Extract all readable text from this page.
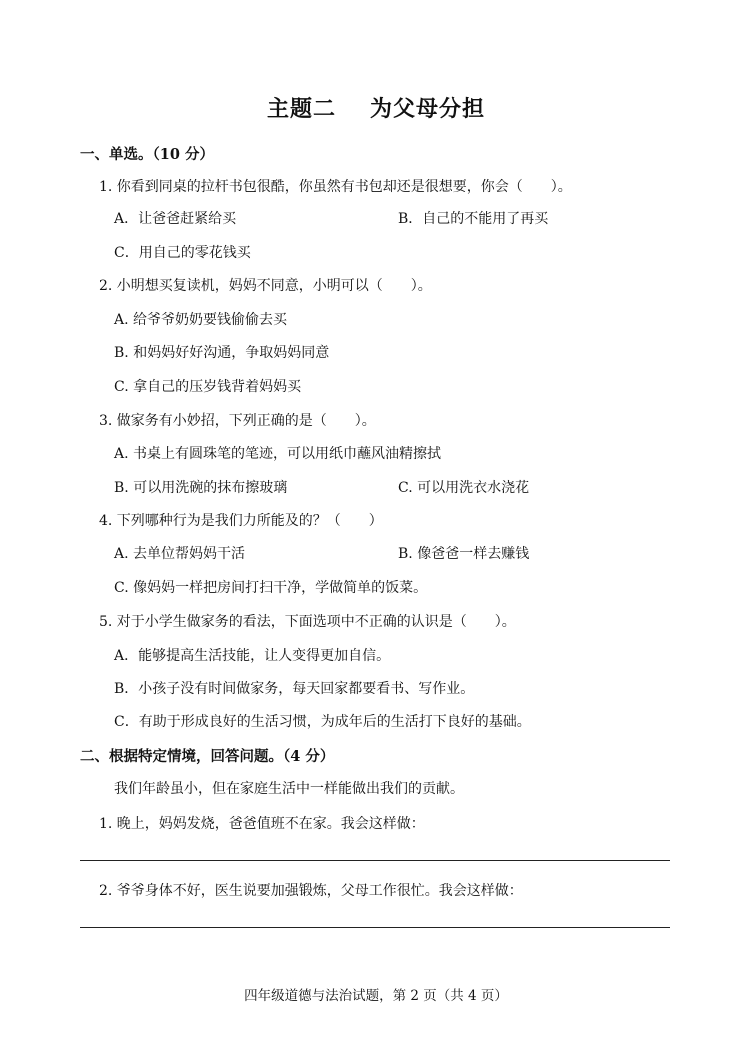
主题二 为父母分担
一、单选。（10 分）
1. 你看到同桌的拉杆书包很酷，你虽然有书包却还是很想要，你会（　　）。
A．让爸爸赶紧给买	B．自己的不能用了再买
C．用自己的零花钱买
2. 小明想买复读机，妈妈不同意，小明可以（　　）。
A. 给爷爷奶奶要钱偷偷去买
B. 和妈妈好好沟通，争取妈妈同意
C. 拿自己的压岁钱背着妈妈买
3. 做家务有小妙招，下列正确的是（　　）。
A. 书桌上有圆珠笔的笔迹，可以用纸巾蘸风油精擦拭
B. 可以用洗碗的抹布擦玻璃	C. 可以用洗衣水浇花
4. 下列哪种行为是我们力所能及的？（　　）
A. 去单位帮妈妈干活	B. 像爸爸一样去赚钱
C. 像妈妈一样把房间打扫干净，学做简单的饭菜。
5. 对于小学生做家务的看法，下面选项中不正确的认识是（　　）。
A．能够提高生活技能，让人变得更加自信。
B．小孩子没有时间做家务，每天回家都要看书、写作业。
C．有助于形成良好的生活习惯，为成年后的生活打下良好的基础。
二、根据特定情境，回答问题。（4 分）
我们年龄虽小，但在家庭生活中一样能做出我们的贡献。
1. 晚上，妈妈发烧，爸爸值班不在家。我会这样做：
2. 爷爷身体不好，医生说要加强锻炼，父母工作很忙。我会这样做：
四年级道德与法治试题，第 2 页（共 4 页）
